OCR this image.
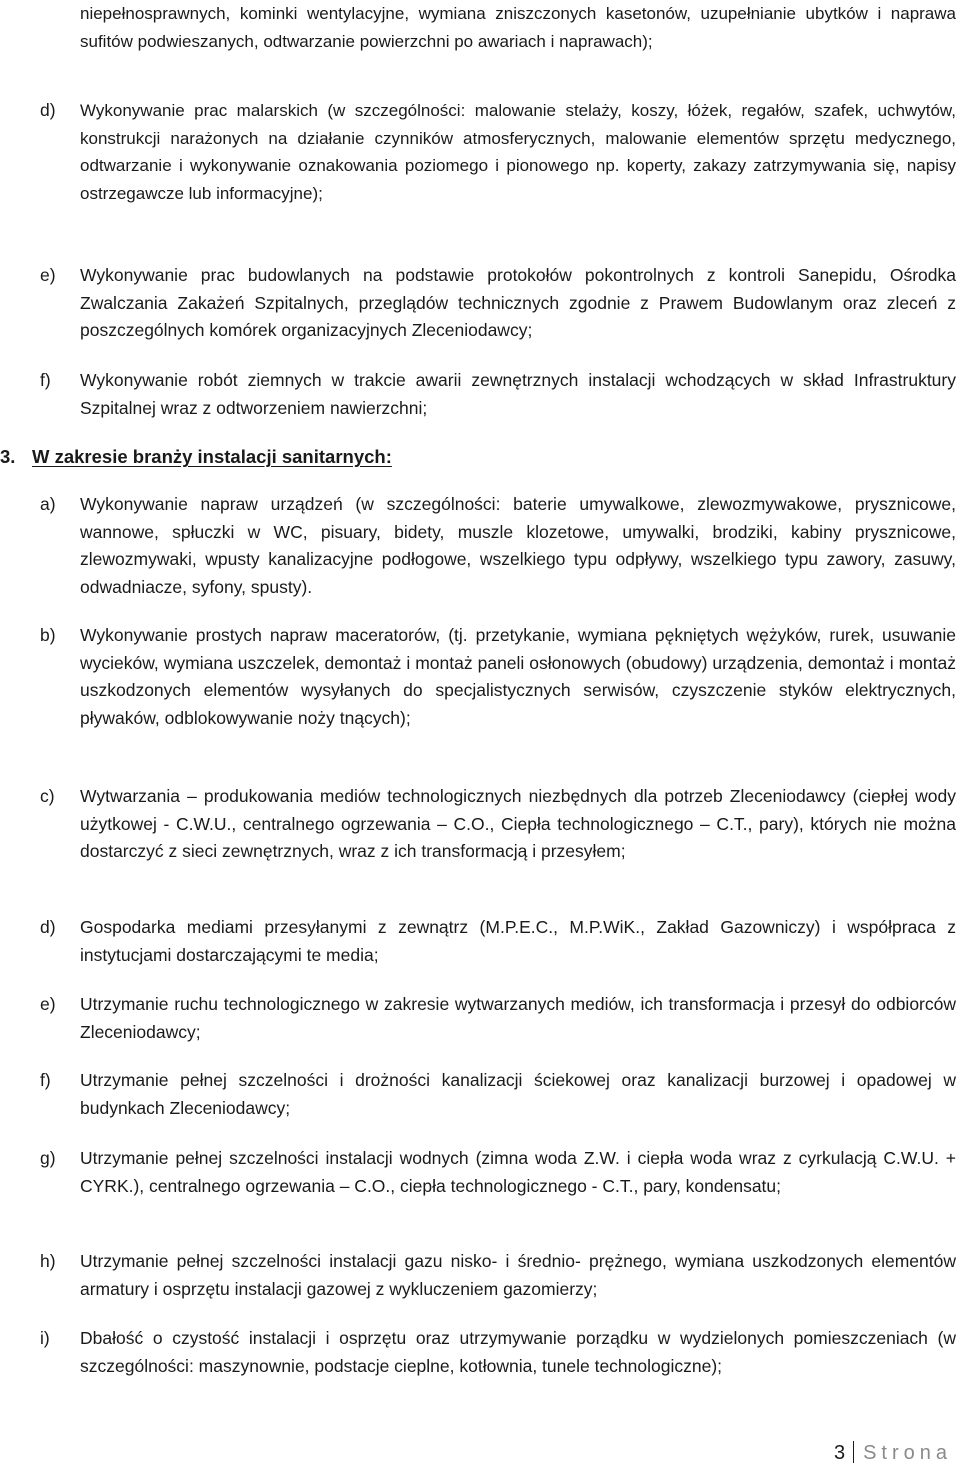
niepełnosprawnych, kominki wentylacyjne, wymiana zniszczonych kasetonów, uzupełnianie ubytków i naprawa sufitów podwieszanych, odtwarzanie powierzchni po awariach i naprawach);
d) Wykonywanie prac malarskich (w szczególności: malowanie stelaży, koszy, łóżek, regałów, szafek, uchwytów, konstrukcji narażonych na działanie czynników atmosferycznych, malowanie elementów sprzętu medycznego, odtwarzanie i wykonywanie oznakowania poziomego i pionowego np. koperty, zakazy zatrzymywania się, napisy ostrzegawcze lub informacyjne);
e) Wykonywanie prac budowlanych na podstawie protokołów pokontrolnych z kontroli Sanepidu, Ośrodka Zwalczania Zakażeń Szpitalnych, przeglądów technicznych zgodnie z Prawem Budowlanym oraz zleceń z poszczególnych komórek organizacyjnych Zleceniodawcy;
f) Wykonywanie robót ziemnych w trakcie awarii zewnętrznych instalacji wchodzących w skład Infrastruktury Szpitalnej wraz z odtworzeniem nawierzchni;
3. W zakresie branży instalacji sanitarnych:
a) Wykonywanie napraw urządzeń (w szczególności: baterie umywalkowe, zlewozmywakowe, prysznicowe, wannowe, spłuczki w WC, pisuary, bidety, muszle klozetowe, umywalki, brodziki, kabiny prysznicowe, zlewozmywaki, wpusty kanalizacyjne podłogowe, wszelkiego typu odpływy, wszelkiego typu zawory, zasuwy, odwadniacze, syfony, spusty).
b) Wykonywanie prostych napraw maceratorów, (tj. przetykanie, wymiana pękniętych wężyków, rurek, usuwanie wycieków, wymiana uszczelek, demontaż i montaż paneli osłonowych (obudowy) urządzenia, demontaż i montaż uszkodzonych elementów wysyłanych do specjalistycznych serwisów, czyszczenie styków elektrycznych, pływaków, odblokowywanie noży tnących);
c) Wytwarzania – produkowania mediów technologicznych niezbędnych dla potrzeb Zleceniodawcy (ciepłej wody użytkowej - C.W.U., centralnego ogrzewania – C.O., Ciepła technologicznego – C.T., pary), których nie można dostarczyć z sieci zewnętrznych, wraz z ich transformacją i przesyłem;
d) Gospodarka mediami przesyłanymi z zewnątrz (M.P.E.C., M.P.WiK., Zakład Gazowniczy) i współpraca z instytucjami dostarczającymi te media;
e) Utrzymanie ruchu technologicznego w zakresie wytwarzanych mediów, ich transformacja i przesył do odbiorców Zleceniodawcy;
f) Utrzymanie pełnej szczelności i drożności kanalizacji ściekowej oraz kanalizacji burzowej i opadowej w budynkach Zleceniodawcy;
g) Utrzymanie pełnej szczelności instalacji wodnych (zimna woda Z.W. i ciepła woda wraz z cyrkulacją C.W.U. + CYRK.), centralnego ogrzewania – C.O., ciepła technologicznego - C.T., pary, kondensatu;
h) Utrzymanie pełnej szczelności instalacji gazu nisko- i średnio- prężnego, wymiana uszkodzonych elementów armatury i osprzętu instalacji gazowej z wykluczeniem gazomierzy;
i) Dbałość o czystość instalacji i osprzętu oraz utrzymywanie porządku w wydzielonych pomieszczeniach (w szczególności: maszynownie, podstacje cieplne, kotłownia, tunele technologiczne);
3 Strona
